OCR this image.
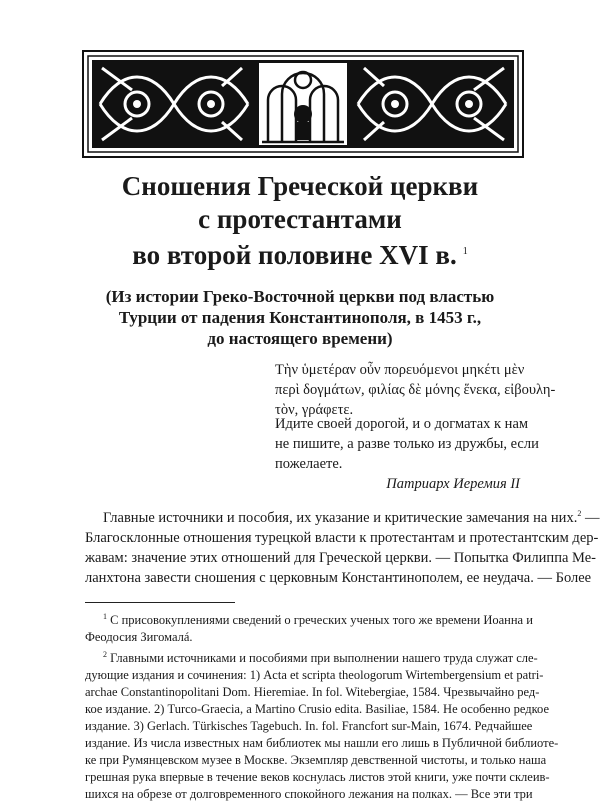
Сношения Греческой церкви
с протестантами
во второй половине XVI в. $^1$
(Из истории Греко-Восточной церкви под властью
Турции от падения Константинополя, в 1453 г.,
до настоящего времени)
Τὴν ὑμετέραν οὖν πορευόμενοι μηκέτι μὲν
περὶ δογμάτων, φιλίας δὲ μόνης ἕνεκα, εἰβουλη-
τὸν, γράφετε.
Идите своей дорогой, и о догматах к нам
не пишите, а разве только из дружбы, если
пожелаете.
Патриарх Иеремия II
Главные источники и пособия, их указание и критические замечания на них.$^2$ —
Благосклонные отношения турецкой власти к протестантам и протестантским дер-
жавам: значение этих отношений для Греческой церкви. — Попытка Филиппа Ме-
ланхтона завести сношения с церковным Константинополем, ее неудача. — Более
$^1$ С присовокуплениями сведений о греческих ученых того же времени Иоанна и
Феодосия Зигомалá.
$^2$ Главными источниками и пособиями при выполнении нашего труда служат сле-
дующие издания и сочинения: 1) Acta et scripta theologorum Wirtembergensium et patri-
archae Constantinopolitani Dom. Hieremiae. In fol. Witebergiae, 1584. Чрезвычайно ред-
кое издание. 2) Turco-Graecia, a Martino Crusio edita. Basiliae, 1584. Не особенно редкое
издание. 3) Gerlach. Türkisches Tagebuch. In. fol. Francfort sur-Main, 1674. Редчайшее
издание. Из числа известных нам библиотек мы нашли его лишь в Публичной библиоте-
ке при Румянцевском музее в Москве. Экземпляр девственной чистоты, и только наша
грешная рука впервые в течение веков коснулась листов этой книги, уже почти склеив-
шихся на обрезе от долговременного спокойного лежания на полках. — Все эти три
